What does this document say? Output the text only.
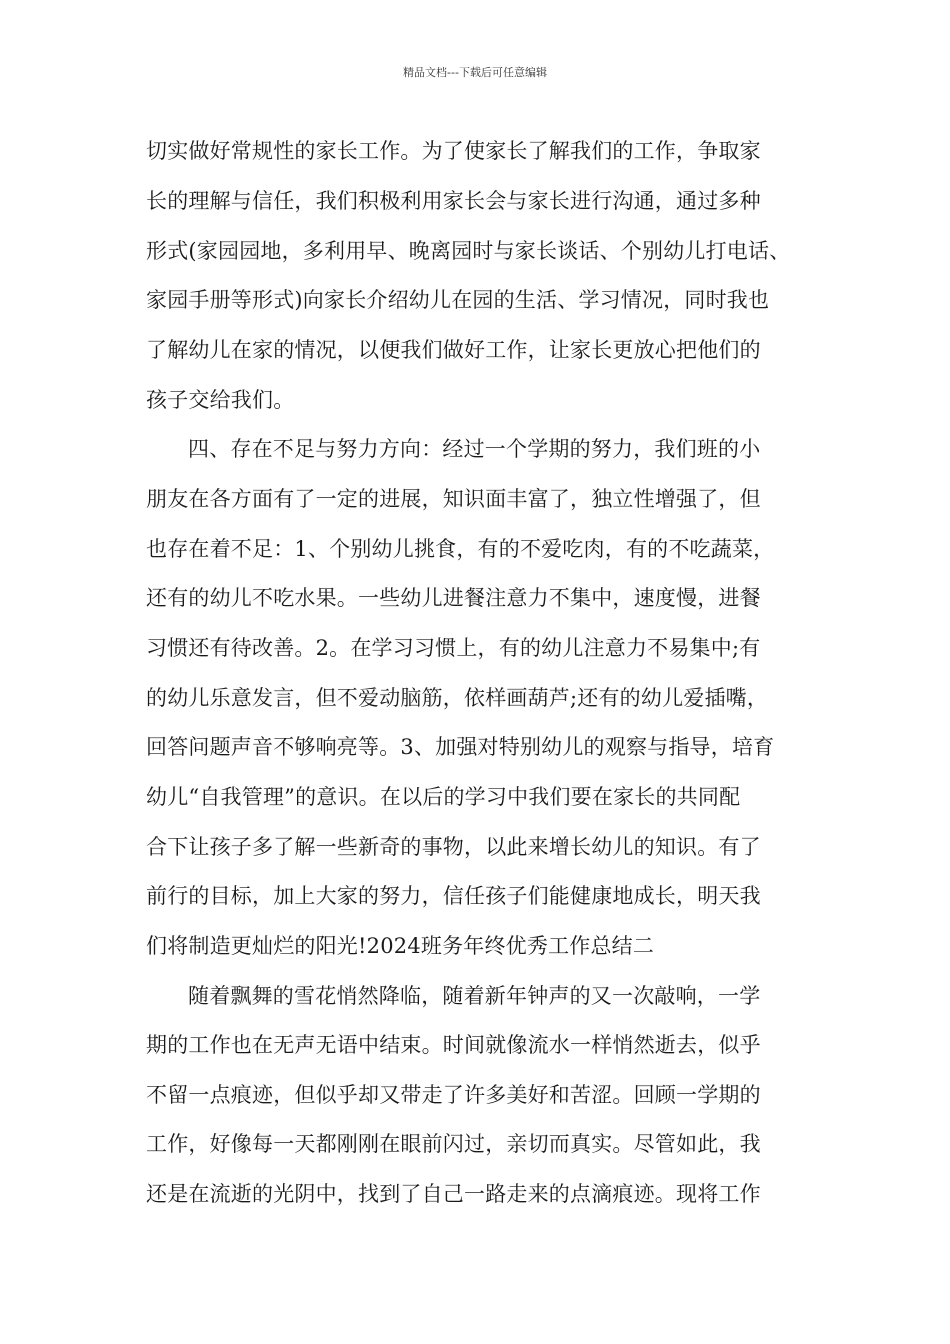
精品文档---下载后可任意编辑
切实做好常规性的家长工作。为了使家长了解我们的工作，争取家
长的理解与信任，我们积极利用家长会与家长进行沟通，通过多种
形式(家园园地，多利用早、晚离园时与家长谈话、个别幼儿打电话、
家园手册等形式)向家长介绍幼儿在园的生活、学习情况，同时我也
了解幼儿在家的情况，以便我们做好工作，让家长更放心把他们的
孩子交给我们。
四、存在不足与努力方向：经过一个学期的努力，我们班的小
朋友在各方面有了一定的进展，知识面丰富了，独立性增强了，但
也存在着不足：1、个别幼儿挑食，有的不爱吃肉，有的不吃蔬菜，
还有的幼儿不吃水果。一些幼儿进餐注意力不集中，速度慢，进餐
习惯还有待改善。2。在学习习惯上，有的幼儿注意力不易集中;有
的幼儿乐意发言，但不爱动脑筋，依样画葫芦;还有的幼儿爱插嘴，
回答问题声音不够响亮等。3、加强对特别幼儿的观察与指导，培育
幼儿“自我管理”的意识。在以后的学习中我们要在家长的共同配
合下让孩子多了解一些新奇的事物，以此来增长幼儿的知识。有了
前行的目标，加上大家的努力，信任孩子们能健康地成长，明天我
们将制造更灿烂的阳光!2024班务年终优秀工作总结二
随着飘舞的雪花悄然降临，随着新年钟声的又一次敲响，一学
期的工作也在无声无语中结束。时间就像流水一样悄然逝去，似乎
不留一点痕迹，但似乎却又带走了许多美好和苦涩。回顾一学期的
工作，好像每一天都刚刚在眼前闪过，亲切而真实。尽管如此，我
还是在流逝的光阴中，找到了自己一路走来的点滴痕迹。现将工作
